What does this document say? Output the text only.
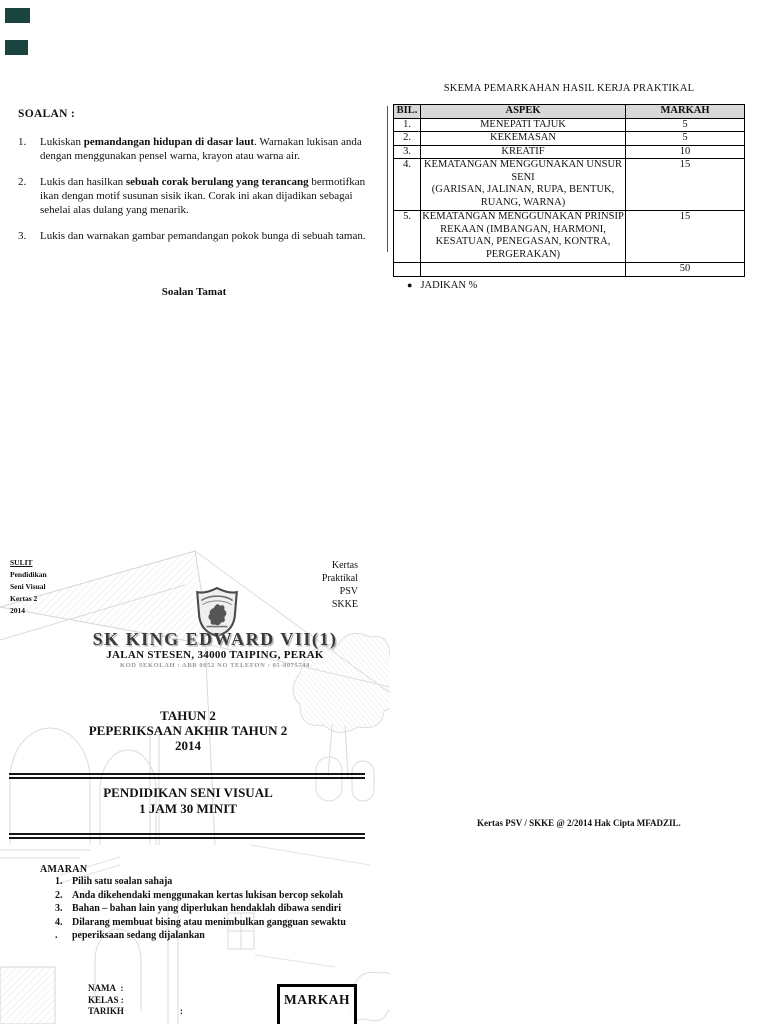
SOALAN :
1.	Lukiskan pemandangan hidupan di dasar laut. Warnakan lukisan anda dengan menggunakan pensel warna, krayon atau warna air.
2.	Lukis dan hasilkan sebuah corak berulang yang terancang bermotifkan ikan dengan motif susunan sisik ikan. Corak ini akan dijadikan sebagai sehelai alas dulang yang menarik.
3.	Lukis dan warnakan gambar pemandangan pokok bunga di sebuah taman.
Soalan Tamat
SKEMA PEMARKAHAN HASIL KERJA PRAKTIKAL
BIL.	ASPEK	MARKAH
1.	MENEPATI TAJUK	5
2.	KEKEMASAN	5
3.	KREATIF	10
4.	KEMATANGAN MENGGUNAKAN UNSUR
SENI
(GARISAN, JALINAN, RUPA, BENTUK,
RUANG, WARNA)	15
5.	KEMATANGAN MENGGUNAKAN PRINSIP
REKAAN (IMBANGAN, HARMONI,
KESATUAN, PENEGASAN, KONTRA,
PERGERAKAN)	15
		50
● JADIKAN %
SULIT
Pendidikan
Seni Visual
Kertas 2
2014
Kertas
Praktikal
PSV
SKKE
SK KING EDWARD VII(1)
JALAN STESEN, 34000 TAIPING, PERAK
KOD SEKOLAH : ABB 0052 NO TELEFON : 05-8075748
TAHUN 2
PEPERIKSAAN AKHIR TAHUN 2
2014
PENDIDIKAN SENI VISUAL
1 JAM 30 MINIT
AMARAN
1. Pilih satu soalan sahaja
2. Anda dikehendaki menggunakan kertas lukisan bercop sekolah
3. Bahan – bahan lain yang diperlukan hendaklah dibawa sendiri
4. Dilarang membuat bising atau menimbulkan gangguan sewaktu peperiksaan sedang dijalankan
.
NAMA  :
KELAS :
TARIKH	:
MARKAH
Kertas PSV / SKKE @ 2/2014 Hak Cipta MFADZIL.
